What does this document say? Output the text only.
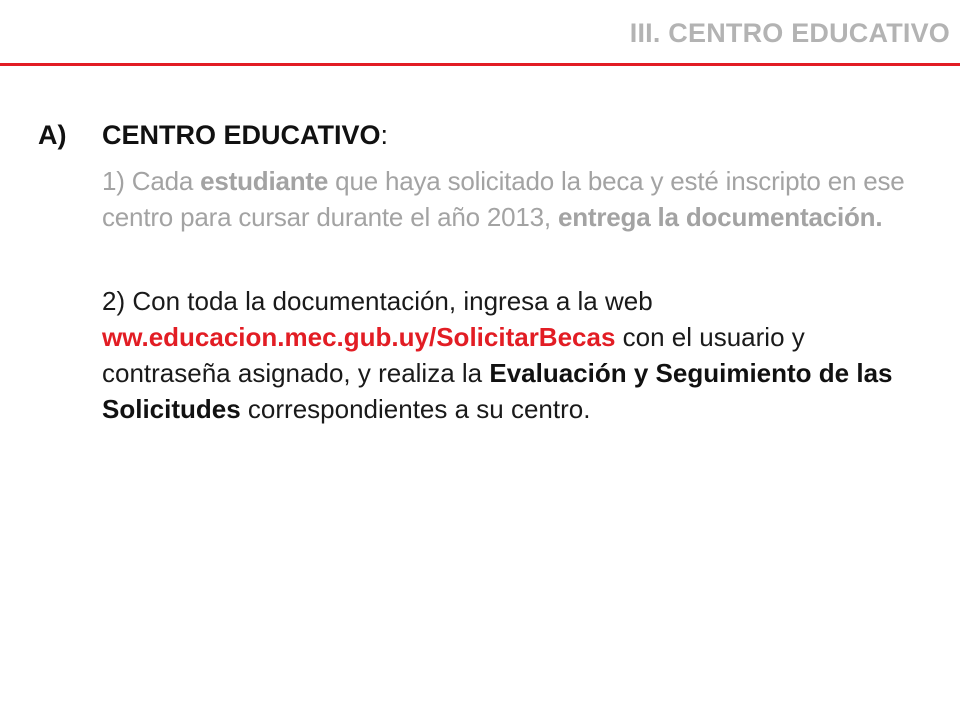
III. CENTRO EDUCATIVO
A)	CENTRO EDUCATIVO:

1) Cada estudiante que haya solicitado la beca y esté inscripto en ese centro para cursar durante el año 2013, entrega la documentación.

2) Con toda la documentación, ingresa a la web ww.educacion.mec.gub.uy/SolicitarBecas con el usuario y contraseña asignado, y realiza la Evaluación y Seguimiento de las Solicitudes correspondientes a su centro.
